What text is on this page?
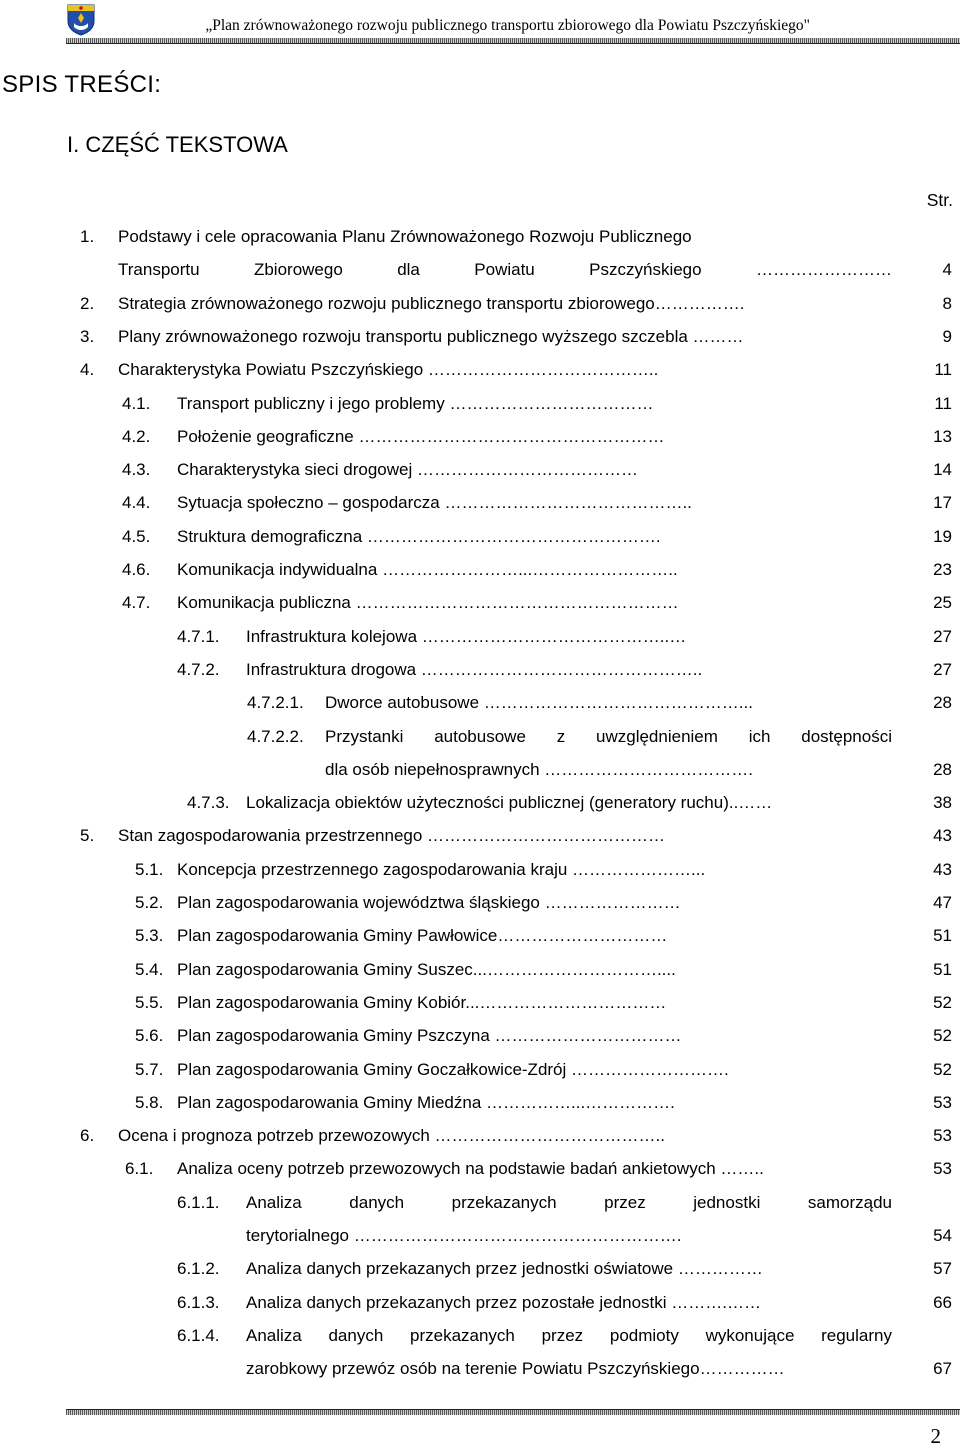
„Plan zrównoważonego rozwoju publicznego transportu zbiorowego dla Powiatu Pszczyńskiego"
SPIS TREŚCI:
I. CZĘŚĆ TEKSTOWA
Str.
1. Podstawy i cele opracowania Planu Zrównoważonego Rozwoju Publicznego
Transportu Zbiorowego dla Powiatu Pszczyńskiego ……………………	4
2. Strategia zrównoważonego rozwoju publicznego transportu zbiorowego…………….	8
3. Plany zrównoważonego rozwoju transportu publicznego wyższego szczebla ………	9
4. Charakterystyka Powiatu Pszczyńskiego …………………………………..	11
4.1. Transport publiczny i jego problemy ………………………………	11
4.2. Położenie geograficzne ………………………………………………	13
4.3. Charakterystyka sieci drogowej …………………………………	14
4.4. Sytuacja społeczno – gospodarcza ……………………………………..	17
4.5. Struktura demograficzna …………………………………………….	19
4.6. Komunikacja indywidualna ……………………...……………………..	23
4.7. Komunikacja publiczna …………………………………………………	25
4.7.1. Infrastruktura kolejowa ……………………………………..…	27
4.7.2. Infrastruktura drogowa …………………………………………..	27
4.7.2.1. Dworce autobusowe ………………………………………...	28
4.7.2.2. Przystanki autobusowe z uwzględnieniem ich dostępności
dla osób niepełnosprawnych ……………………………….	28
4.7.3. Lokalizacja obiektów użyteczności publicznej (generatory ruchu)..……	38
5. Stan zagospodarowania przestrzennego ……………………………………	43
5.1. Koncepcja przestrzennego zagospodarowania kraju …………………...	43
5.2. Plan zagospodarowania województwa śląskiego ……………………	47
5.3. Plan zagospodarowania Gminy Pawłowice…………………………	51
5.4. Plan zagospodarowania Gminy Suszec...…………………………....	51
5.5. Plan zagospodarowania Gminy Kobiór...……………………………	52
5.6. Plan zagospodarowania Gminy Pszczyna ……………………………	52
5.7. Plan zagospodarowania Gminy Goczałkowice-Zdrój ……………………….	52
5.8. Plan zagospodarowania Gminy Miedźna ……………...…………….	53
6. Ocena i prognoza potrzeb przewozowych …………………………………..	53
6.1. Analiza oceny potrzeb przewozowych na podstawie badań ankietowych ……..	53
6.1.1. Analiza danych przekazanych przez jednostki samorządu
terytorialnego ………………………………………………….	54
6.1.2. Analiza danych przekazanych przez jednostki oświatowe ……………	57
6.1.3. Analiza danych przekazanych przez pozostałe jednostki ……….……	66
6.1.4. Analiza danych przekazanych przez podmioty wykonujące regularny
zarobkowy przewóz osób na terenie Powiatu Pszczyńskiego……………	67
2
